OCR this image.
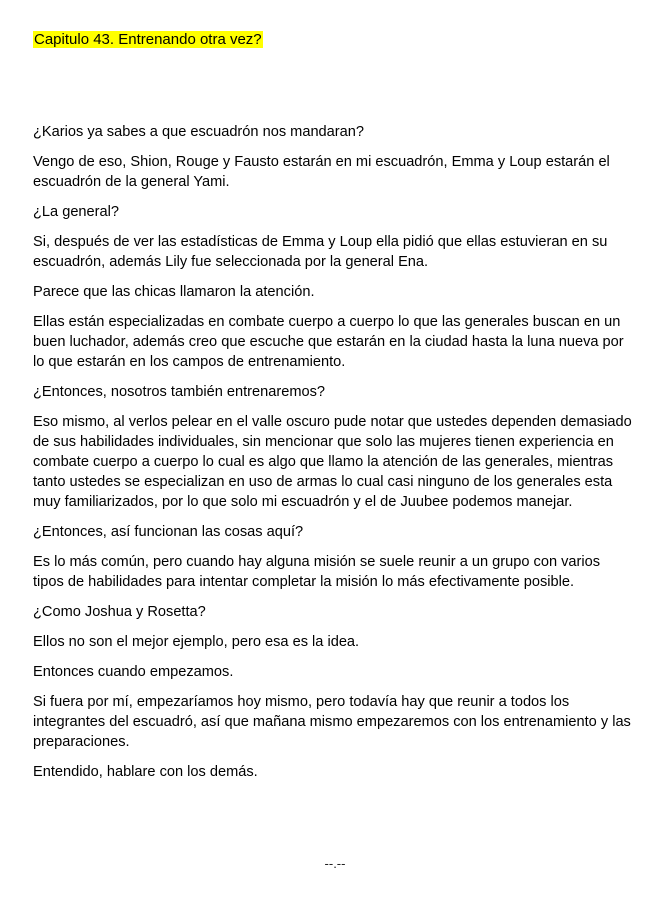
Capitulo 43. Entrenando otra vez?

¿Karios ya sabes a que escuadrón nos mandaran?

Vengo de eso, Shion, Rouge y Fausto estarán en mi escuadrón, Emma y Loup estarán el escuadrón de la general Yami.

¿La general?

Si, después de ver las estadísticas de Emma y Loup ella pidió que ellas estuvieran en su escuadrón, además Lily fue seleccionada por la general Ena.

Parece que las chicas llamaron la atención.

Ellas están especializadas en combate cuerpo a cuerpo lo que las generales buscan en un buen luchador, además creo que escuche que estarán en la ciudad hasta la luna nueva por lo que estarán en los campos de entrenamiento.

¿Entonces, nosotros también entrenaremos?

Eso mismo, al verlos pelear en el valle oscuro pude notar que ustedes dependen demasiado de sus habilidades individuales, sin mencionar que solo las mujeres tienen experiencia en combate cuerpo a cuerpo lo cual es algo que llamo la atención de las generales, mientras tanto ustedes se especializan en uso de armas lo cual casi ninguno de los generales esta muy familiarizados, por lo que solo mi escuadrón y el de Juubee podemos manejar.

¿Entonces, así funcionan las cosas aquí?

Es lo más común, pero cuando hay alguna misión se suele reunir a un grupo con varios tipos de habilidades para intentar completar la misión lo más efectivamente posible.

¿Como Joshua y Rosetta?

Ellos no son el mejor ejemplo, pero esa es la idea.

Entonces cuando empezamos.

Si fuera por mí, empezaríamos hoy mismo, pero todavía hay que reunir a todos los integrantes del escuadró, así que mañana mismo empezaremos con los entrenamiento y las preparaciones.

Entendido, hablare con los demás.

--.--
